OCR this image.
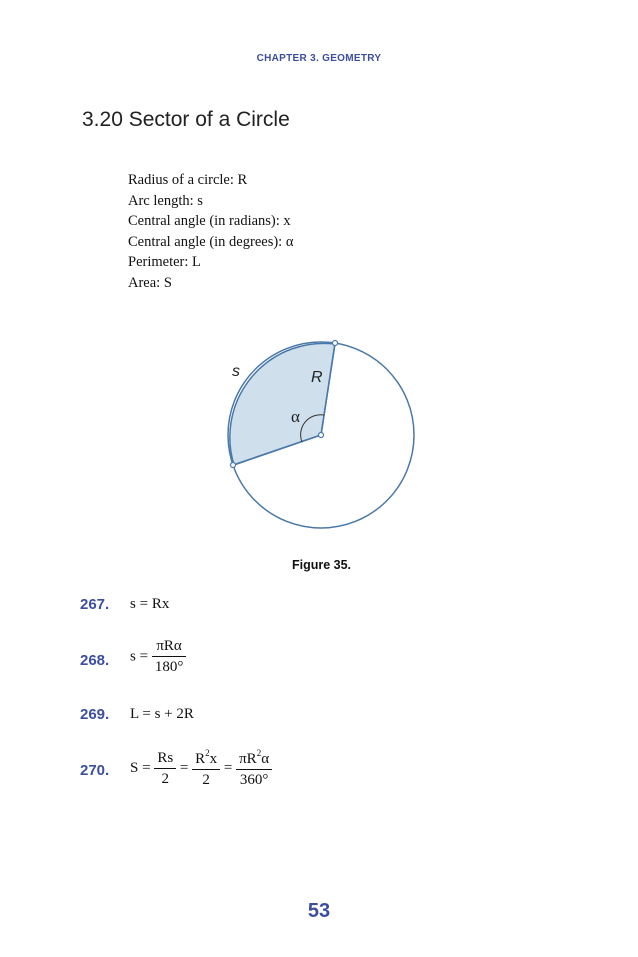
CHAPTER 3. GEOMETRY
3.20 Sector of a Circle
Radius of a circle: R
Arc length: s
Central angle (in radians): x
Central angle (in degrees): α
Perimeter: L
Area: S
s	R
α
Figure 35.
267. s = Rx
268. $s = \frac{\text{πRα}}{180^\circ}$
269. L = s + 2R
270. $S = \frac{Rs}{2} = \frac{R^2x}{2} = \frac{\pi R^2\alpha}{360^\circ}$
53
